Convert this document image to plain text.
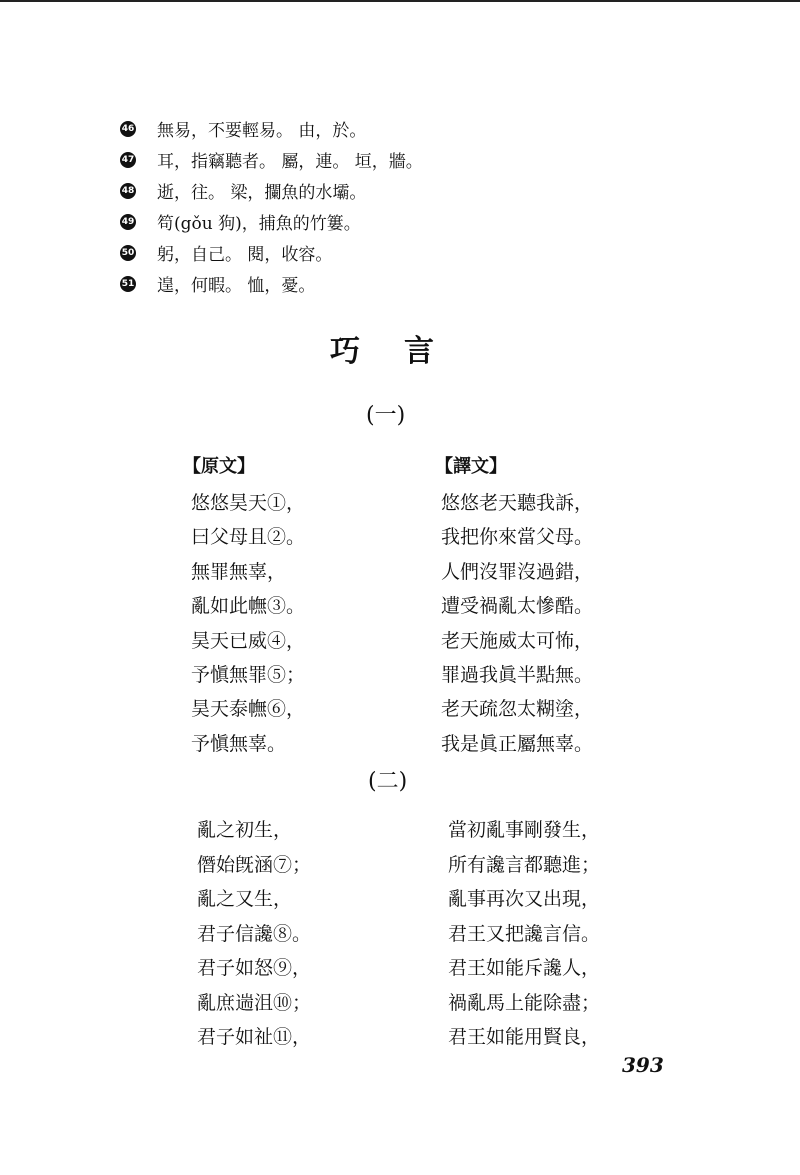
46 無易，不要輕易。 由，於。
47 耳，指竊聽者。 屬，連。 垣，牆。
48 逝，往。 梁，攔魚的水壩。
49 笱(gǒu 狗)，捕魚的竹簍。
50 躬，自己。 閱，收容。
51 遑，何暇。 恤，憂。
巧言
(一)
【原文】
悠悠昊天①，
曰父母且②。
無罪無辜，
亂如此幠③。
昊天已威④，
予愼無罪⑤；
昊天泰幠⑥，
予愼無辜。
【譯文】
悠悠老天聽我訴，
我把你來當父母。
人們沒罪沒過錯，
遭受禍亂太慘酷。
老天施威太可怖，
罪過我眞半點無。
老天疏忽太糊塗，
我是眞正屬無辜。
(二)
亂之初生，
僭始旣涵⑦；
亂之又生，
君子信讒⑧。
君子如怒⑨，
亂庶遄沮⑩；
君子如祉⑪，
當初亂事剛發生，
所有讒言都聽進；
亂事再次又出現，
君王又把讒言信。
君王如能斥讒人，
禍亂馬上能除盡；
君王如能用賢良，
393
